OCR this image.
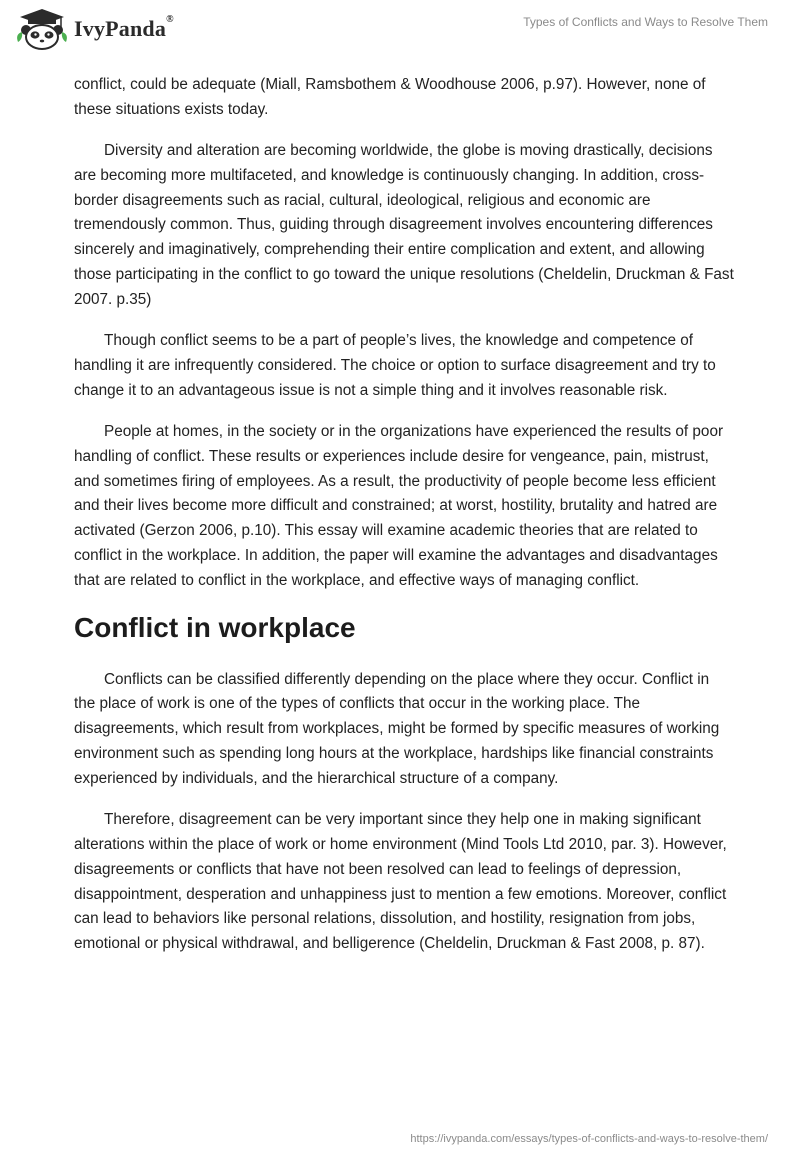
IvyPanda®	Types of Conflicts and Ways to Resolve Them

conflict, could be adequate (Miall, Ramsbothem & Woodhouse 2006, p.97). However, none of these situations exists today.

Diversity and alteration are becoming worldwide, the globe is moving drastically, decisions are becoming more multifaceted, and knowledge is continuously changing. In addition, cross-border disagreements such as racial, cultural, ideological, religious and economic are tremendously common. Thus, guiding through disagreement involves encountering differences sincerely and imaginatively, comprehending their entire complication and extent, and allowing those participating in the conflict to go toward the unique resolutions (Cheldelin, Druckman & Fast 2007. p.35)

Though conflict seems to be a part of people’s lives, the knowledge and competence of handling it are infrequently considered. The choice or option to surface disagreement and try to change it to an advantageous issue is not a simple thing and it involves reasonable risk.

People at homes, in the society or in the organizations have experienced the results of poor handling of conflict. These results or experiences include desire for vengeance, pain, mistrust, and sometimes firing of employees. As a result, the productivity of people become less efficient and their lives become more difficult and constrained; at worst, hostility, brutality and hatred are activated (Gerzon 2006, p.10). This essay will examine academic theories that are related to conflict in the workplace. In addition, the paper will examine the advantages and disadvantages that are related to conflict in the workplace, and effective ways of managing conflict.

Conflict in workplace

Conflicts can be classified differently depending on the place where they occur. Conflict in the place of work is one of the types of conflicts that occur in the working place. The disagreements, which result from workplaces, might be formed by specific measures of working environment such as spending long hours at the workplace, hardships like financial constraints experienced by individuals, and the hierarchical structure of a company.

Therefore, disagreement can be very important since they help one in making significant alterations within the place of work or home environment (Mind Tools Ltd 2010, par. 3). However, disagreements or conflicts that have not been resolved can lead to feelings of depression, disappointment, desperation and unhappiness just to mention a few emotions. Moreover, conflict can lead to behaviors like personal relations, dissolution, and hostility, resignation from jobs, emotional or physical withdrawal, and belligerence (Cheldelin, Druckman & Fast 2008, p. 87).

https://ivypanda.com/essays/types-of-conflicts-and-ways-to-resolve-them/
